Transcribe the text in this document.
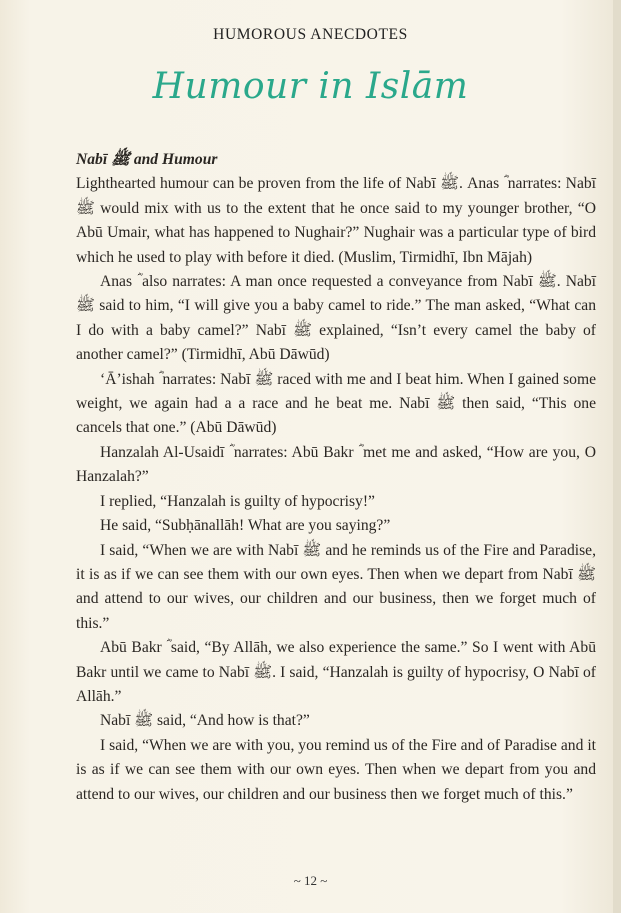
HUMOROUS ANECDOTES
Humour in Islām

Nabī ﷺ and Humour

Lighthearted humour can be proven from the life of Nabī ﷺ. Anas ؓ narrates: Nabī ﷺ would mix with us to the extent that he once said to my younger brother, “O Abū Umair, what has happened to Nughair?” Nughair was a particular type of bird which he used to play with before it died. (Muslim, Tirmidhī, Ibn Mājah)

Anas ؓ also narrates: A man once requested a conveyance from Nabī ﷺ. Nabī ﷺ said to him, “I will give you a baby camel to ride.” The man asked, “What can I do with a baby camel?” Nabī ﷺ explained, “Isn’t every camel the baby of another camel?” (Tirmidhī, Abū Dāwūd)

‘Ā’ishah ؓ narrates: Nabī ﷺ raced with me and I beat him. When I gained some weight, we again had a a race and he beat me. Nabī ﷺ then said, “This one cancels that one.” (Abū Dāwūd)

Hanzalah Al-Usaidī ؓ narrates: Abū Bakr ؓ met me and asked, “How are you, O Hanzalah?”

I replied, “Hanzalah is guilty of hypocrisy!”

He said, “Subḥānallāh! What are you saying?”

I said, “When we are with Nabī ﷺ and he reminds us of the Fire and Paradise, it is as if we can see them with our own eyes. Then when we depart from Nabī ﷺ and attend to our wives, our children and our business, then we forget much of this.”

Abū Bakr ؓ said, “By Allāh, we also experience the same.” So I went with Abū Bakr until we came to Nabī ﷺ. I said, “Hanzalah is guilty of hypocrisy, O Nabī of Allāh.”

Nabī ﷺ said, “And how is that?”

I said, “When we are with you, you remind us of the Fire and of Paradise and it is as if we can see them with our own eyes. Then when we depart from you and attend to our wives, our children and our business then we forget much of this.”

~ 12 ~
